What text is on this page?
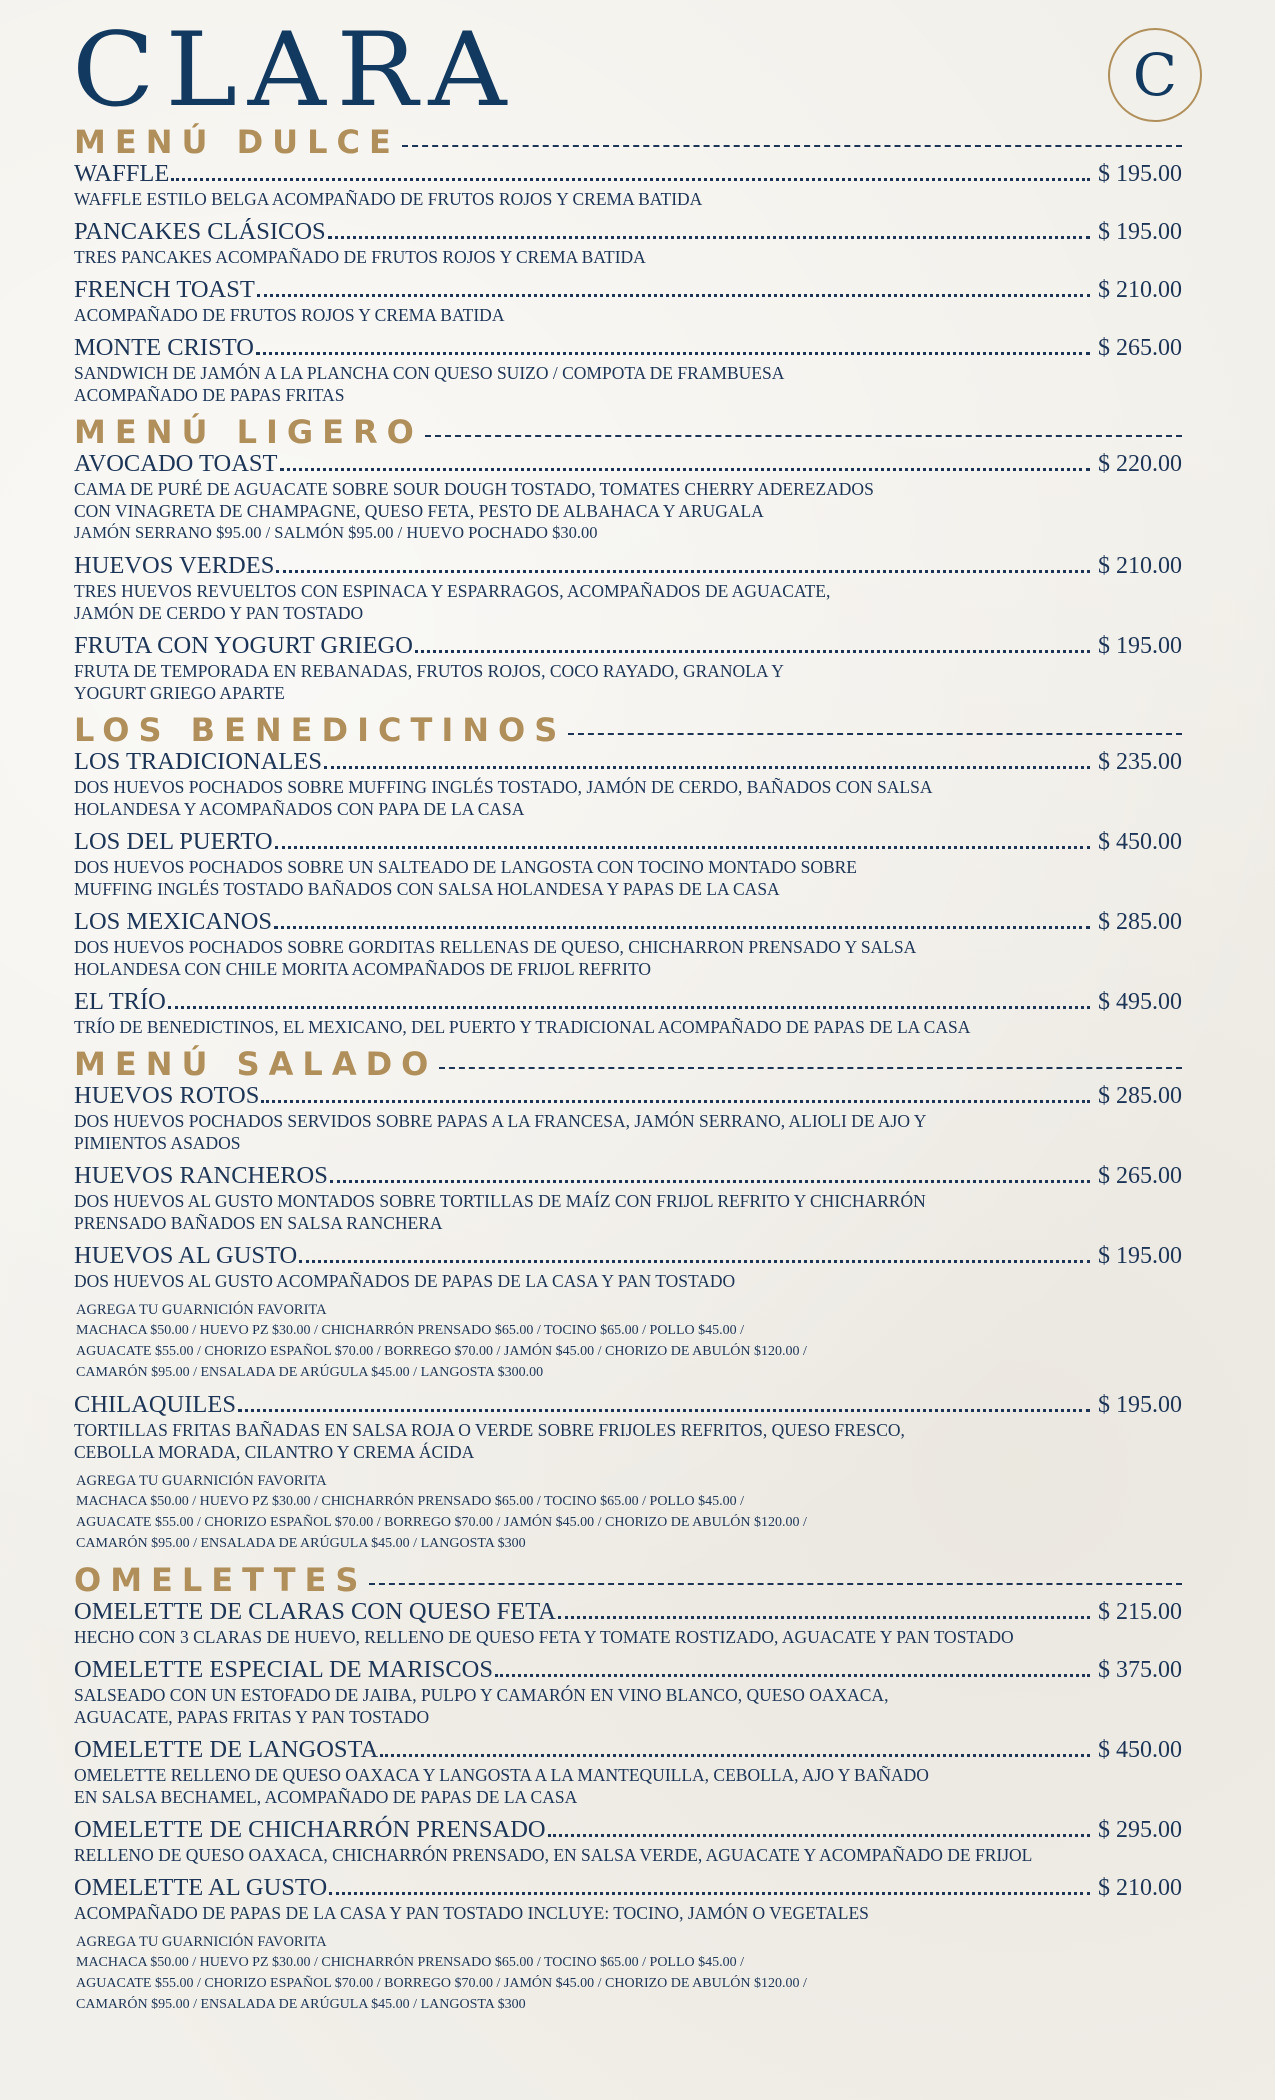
CLARA	C
MENÚ DULCE
WAFFLE	$ 195.00
WAFFLE ESTILO BELGA ACOMPAÑADO DE FRUTOS ROJOS Y CREMA BATIDA
PANCAKES CLÁSICOS	$ 195.00
TRES PANCAKES ACOMPAÑADO DE FRUTOS ROJOS Y CREMA BATIDA
FRENCH TOAST	$ 210.00
ACOMPAÑADO DE FRUTOS ROJOS Y CREMA BATIDA
MONTE CRISTO	$ 265.00
SANDWICH DE JAMÓN A LA PLANCHA CON QUESO SUIZO / COMPOTA DE FRAMBUESA
ACOMPAÑADO DE PAPAS FRITAS
MENÚ LIGERO
AVOCADO TOAST	$ 220.00
CAMA DE PURÉ DE AGUACATE SOBRE SOUR DOUGH TOSTADO, TOMATES CHERRY ADEREZADOS
CON VINAGRETA DE CHAMPAGNE, QUESO FETA, PESTO DE ALBAHACA Y ARUGALA
JAMÓN SERRANO $95.00 / SALMÓN $95.00 / HUEVO POCHADO $30.00
HUEVOS VERDES	$ 210.00
TRES HUEVOS REVUELTOS CON ESPINACA Y ESPARRAGOS, ACOMPAÑADOS DE AGUACATE,
JAMÓN DE CERDO Y PAN TOSTADO
FRUTA CON YOGURT GRIEGO	$ 195.00
FRUTA DE TEMPORADA EN REBANADAS, FRUTOS ROJOS, COCO RAYADO, GRANOLA Y
YOGURT GRIEGO APARTE
LOS BENEDICTINOS
LOS TRADICIONALES	$ 235.00
DOS HUEVOS POCHADOS SOBRE MUFFING INGLÉS TOSTADO, JAMÓN DE CERDO, BAÑADOS CON SALSA
HOLANDESA Y ACOMPAÑADOS CON PAPA DE LA CASA
LOS DEL PUERTO	$ 450.00
DOS HUEVOS POCHADOS SOBRE UN SALTEADO DE LANGOSTA CON TOCINO MONTADO SOBRE
MUFFING INGLÉS TOSTADO BAÑADOS CON SALSA HOLANDESA Y PAPAS DE LA CASA
LOS MEXICANOS	$ 285.00
DOS HUEVOS POCHADOS SOBRE GORDITAS RELLENAS DE QUESO, CHICHARRON PRENSADO Y SALSA
HOLANDESA CON CHILE MORITA ACOMPAÑADOS DE FRIJOL REFRITO
EL TRÍO	$ 495.00
TRÍO DE BENEDICTINOS, EL MEXICANO, DEL PUERTO Y TRADICIONAL ACOMPAÑADO DE PAPAS DE LA CASA
MENÚ SALADO
HUEVOS ROTOS	$ 285.00
DOS HUEVOS POCHADOS SERVIDOS SOBRE PAPAS A LA FRANCESA, JAMÓN SERRANO, ALIOLI DE AJO Y
PIMIENTOS ASADOS
HUEVOS RANCHEROS	$ 265.00
DOS HUEVOS AL GUSTO MONTADOS SOBRE TORTILLAS DE MAÍZ CON FRIJOL REFRITO Y CHICHARRÓN
PRENSADO BAÑADOS EN SALSA RANCHERA
HUEVOS AL GUSTO	$ 195.00
DOS HUEVOS AL GUSTO ACOMPAÑADOS DE PAPAS DE LA CASA Y PAN TOSTADO
AGREGA TU GUARNICIÓN FAVORITA
MACHACA $50.00 / HUEVO PZ $30.00 / CHICHARRÓN PRENSADO $65.00 / TOCINO $65.00 / POLLO $45.00 /
AGUACATE $55.00 / CHORIZO ESPAÑOL $70.00 / BORREGO $70.00 / JAMÓN $45.00 / CHORIZO DE ABULÓN $120.00 /
CAMARÓN $95.00 / ENSALADA DE ARÚGULA $45.00 / LANGOSTA $300.00
CHILAQUILES	$ 195.00
TORTILLAS FRITAS BAÑADAS EN SALSA ROJA O VERDE SOBRE FRIJOLES REFRITOS, QUESO FRESCO,
CEBOLLA MORADA, CILANTRO Y CREMA ÁCIDA
AGREGA TU GUARNICIÓN FAVORITA
MACHACA $50.00 / HUEVO PZ $30.00 / CHICHARRÓN PRENSADO $65.00 / TOCINO $65.00 / POLLO $45.00 /
AGUACATE $55.00 / CHORIZO ESPAÑOL $70.00 / BORREGO $70.00 / JAMÓN $45.00 / CHORIZO DE ABULÓN $120.00 /
CAMARÓN $95.00 / ENSALADA DE ARÚGULA $45.00 / LANGOSTA $300
OMELETTES
OMELETTE DE CLARAS CON QUESO FETA	$ 215.00
HECHO CON 3 CLARAS DE HUEVO, RELLENO DE QUESO FETA Y TOMATE ROSTIZADO, AGUACATE Y PAN TOSTADO
OMELETTE ESPECIAL DE MARISCOS	$ 375.00
SALSEADO CON UN ESTOFADO DE JAIBA, PULPO Y CAMARÓN EN VINO BLANCO, QUESO OAXACA,
AGUACATE, PAPAS FRITAS Y PAN TOSTADO
OMELETTE DE LANGOSTA	$ 450.00
OMELETTE RELLENO DE QUESO OAXACA Y LANGOSTA A LA MANTEQUILLA, CEBOLLA, AJO Y BAÑADO
EN SALSA BECHAMEL, ACOMPAÑADO DE PAPAS DE LA CASA
OMELETTE DE CHICHARRÓN PRENSADO	$ 295.00
RELLENO DE QUESO OAXACA, CHICHARRÓN PRENSADO, EN SALSA VERDE, AGUACATE Y ACOMPAÑADO DE FRIJOL
OMELETTE AL GUSTO	$ 210.00
ACOMPAÑADO DE PAPAS DE LA CASA Y PAN TOSTADO INCLUYE: TOCINO, JAMÓN O VEGETALES
AGREGA TU GUARNICIÓN FAVORITA
MACHACA $50.00 / HUEVO PZ $30.00 / CHICHARRÓN PRENSADO $65.00 / TOCINO $65.00 / POLLO $45.00 /
AGUACATE $55.00 / CHORIZO ESPAÑOL $70.00 / BORREGO $70.00 / JAMÓN $45.00 / CHORIZO DE ABULÓN $120.00 /
CAMARÓN $95.00 / ENSALADA DE ARÚGULA $45.00 / LANGOSTA $300
